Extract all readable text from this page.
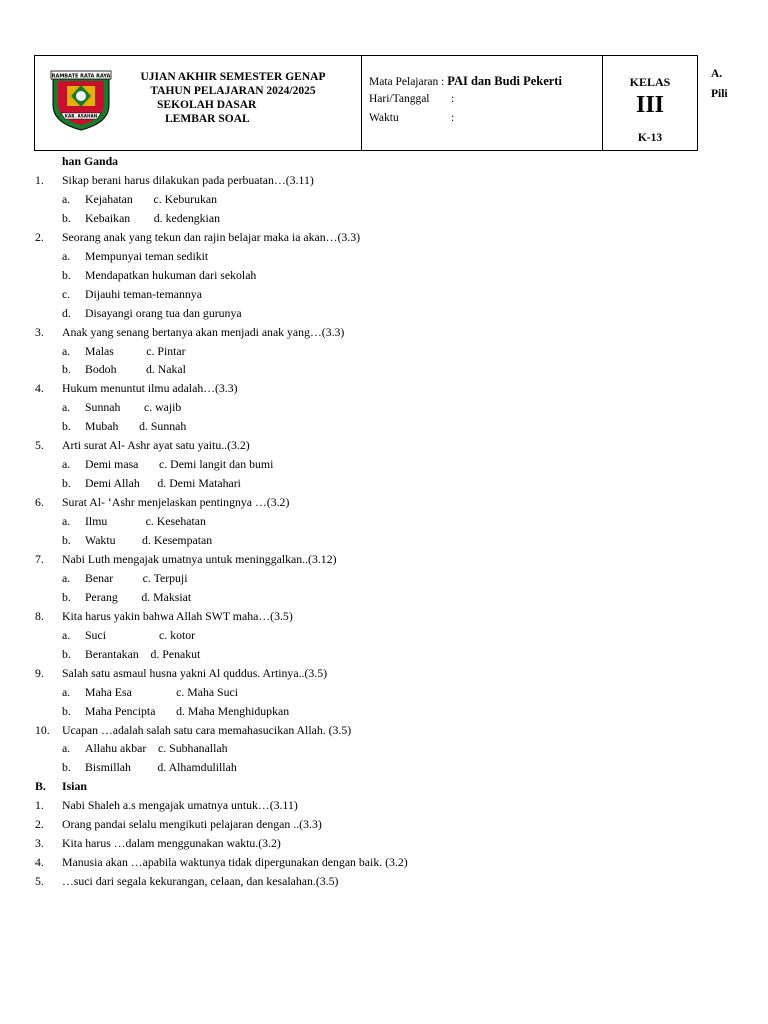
RAMBATE RATA RAYA
KAB. ASAHAN
UJIAN AKHIR SEMESTER GENAP
TAHUN PELAJARAN 2024/2025
SEKOLAH DASAR
LEMBAR SOAL
Mata Pelajaran : PAI dan Budi Pekerti
Hari/Tanggal :
Waktu	:
KELAS
III
K-13
A.
Pili
han Ganda
1. Sikap berani harus dilakukan pada perbuatan…(3.11)
a. Kejahatan       c. Keburukan
b. Kebaikan        d. kedengkian
2. Seorang anak yang tekun dan rajin belajar maka ia akan…(3.3)
a. Mempunyai teman sedikit
b. Mendapatkan hukuman dari sekolah
c. Dijauhi teman-temannya
d. Disayangi orang tua dan gurunya
3. Anak yang senang bertanya akan menjadi anak yang…(3.3)
a. Malas           c. Pintar
b. Bodoh          d. Nakal
4. Hukum menuntut ilmu adalah…(3.3)
a. Sunnah        c. wajib
b. Mubah       d. Sunnah
5. Arti surat Al- Ashr ayat satu yaitu..(3.2)
a. Demi masa       c. Demi langit dan bumi
b. Demi Allah      d. Demi Matahari
6. Surat Al- ‘Ashr menjelaskan pentingnya …(3.2)
a. Ilmu             c. Kesehatan
b. Waktu         d. Kesempatan
7. Nabi Luth mengajak umatnya untuk meninggalkan..(3.12)
a. Benar          c. Terpuji
b. Perang        d. Maksiat
8. Kita harus yakin bahwa Allah SWT maha…(3.5)
a. Suci                  c. kotor
b. Berantakan    d. Penakut
9. Salah satu asmaul husna yakni Al quddus. Artinya..(3.5)
a. Maha Esa               c. Maha Suci
b. Maha Pencipta       d. Maha Menghidupkan
10. Ucapan …adalah salah satu cara memahasucikan Allah. (3.5)
a. Allahu akbar    c. Subhanallah
b. Bismillah         d. Alhamdulillah
B. Isian
1. Nabi Shaleh a.s mengajak umatnya untuk…(3.11)
2. Orang pandai selalu mengikuti pelajaran dengan ..(3.3)
3. Kita harus …dalam menggunakan waktu.(3.2)
4. Manusia akan …apabila waktunya tidak dipergunakan dengan baik. (3.2)
5. …suci dari segala kekurangan, celaan, dan kesalahan.(3.5)
